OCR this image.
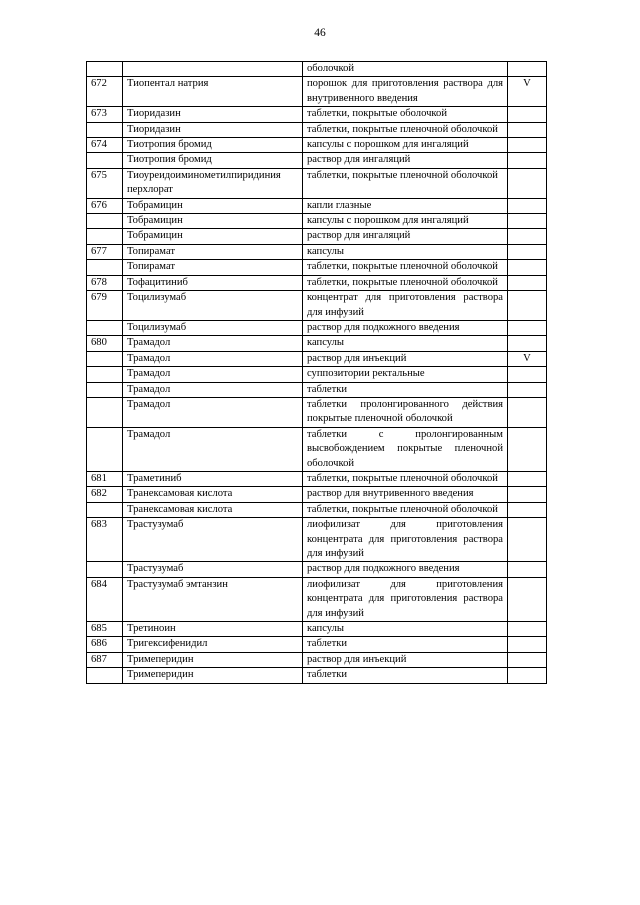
46
		оболочкой	
672	Тиопентал натрия	порошок для приготовления раствора для внутривенного введения	V
673	Тиоридазин	таблетки, покрытые оболочкой	
	Тиоридазин	таблетки, покрытые пленочной оболочкой	
674	Тиотропия бромид	капсулы с порошком для ингаляций	
	Тиотропия бромид	раствор для ингаляций	
675	Тиоуреидоиминометилпиридиния перхлорат	таблетки, покрытые пленочной оболочкой	
676	Тобрамицин	капли глазные	
	Тобрамицин	капсулы с порошком для ингаляций	
	Тобрамицин	раствор для ингаляций	
677	Топирамат	капсулы	
	Топирамат	таблетки, покрытые пленочной оболочкой	
678	Тофацитиниб	таблетки, покрытые пленочной оболочкой	
679	Тоцилизумаб	концентрат для приготовления раствора для инфузий	
	Тоцилизумаб	раствор для подкожного введения	
680	Трамадол	капсулы	
	Трамадол	раствор для инъекций	V
	Трамадол	суппозитории ректальные	
	Трамадол	таблетки	
	Трамадол	таблетки пролонгированного действия покрытые пленочной оболочкой	
	Трамадол	таблетки с пролонгированным высвобождением покрытые пленочной оболочкой	
681	Траметиниб	таблетки, покрытые пленочной оболочкой	
682	Транексамовая кислота	раствор для внутривенного введения	
	Транексамовая кислота	таблетки, покрытые пленочной оболочкой	
683	Трастузумаб	лиофилизат для приготовления концентрата для приготовления раствора для инфузий	
	Трастузумаб	раствор для подкожного введения	
684	Трастузумаб эмтанзин	лиофилизат для приготовления концентрата для приготовления раствора для инфузий	
685	Третиноин	капсулы	
686	Тригексифенидил	таблетки	
687	Тримеперидин	раствор для инъекций	
	Тримеперидин	таблетки	
